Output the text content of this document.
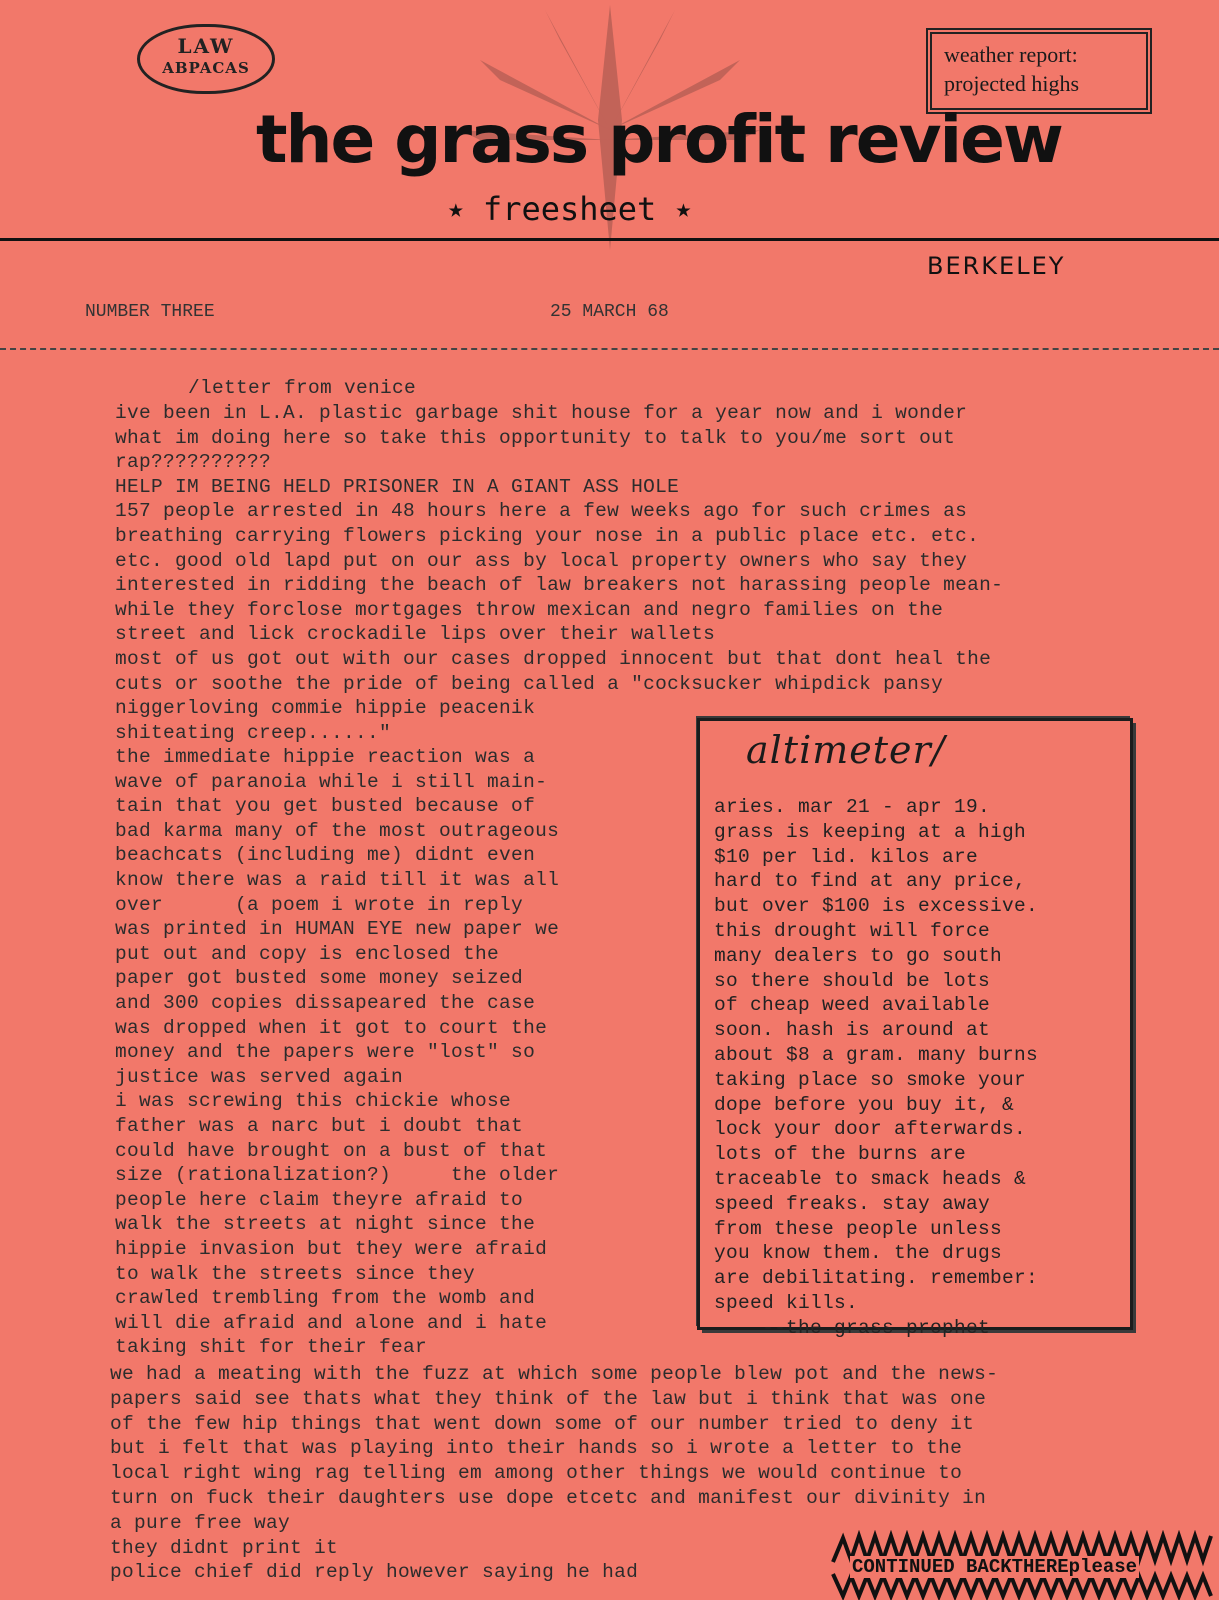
LAW
ABPACAS
weather report:
projected highs
the grass profit review
★ freesheet ★
BERKELEY
NUMBER THREE	25 MARCH 68
/letter from venice
ive been in L.A. plastic garbage shit house for a year now and i wonder
what im doing here so take this opportunity to talk to you/me sort out
rap??????????
HELP IM BEING HELD PRISONER IN A GIANT ASS HOLE
157 people arrested in 48 hours here a few weeks ago for such crimes as
breathing carrying flowers picking your nose in a public place etc. etc.
etc. good old lapd put on our ass by local property owners who say they
interested in ridding the beach of law breakers not harassing people mean-
while they forclose mortgages throw mexican and negro families on the
street and lick crockadile lips over their wallets
most of us got out with our cases dropped innocent but that dont heal the
cuts or soothe the pride of being called a "cocksucker whipdick pansy
niggerloving commie hippie peacenik
shiteating creep......"
the immediate hippie reaction was a
wave of paranoia while i still main-
tain that you get busted because of
bad karma many of the most outrageous
beachcats (including me) didnt even
know there was a raid till it was all
over      (a poem i wrote in reply
was printed in HUMAN EYE new paper we
put out and copy is enclosed the
paper got busted some money seized
and 300 copies dissapeared the case
was dropped when it got to court the
money and the papers were "lost" so
justice was served again
i was screwing this chickie whose
father was a narc but i doubt that
could have brought on a bust of that
size (rationalization?)     the older
people here claim theyre afraid to
walk the streets at night since the
hippie invasion but they were afraid
to walk the streets since they
crawled trembling from the womb and
will die afraid and alone and i hate
taking shit for their fear
we had a meating with the fuzz at which some people blew pot and the news-
papers said see thats what they think of the law but i think that was one
of the few hip things that went down some of our number tried to deny it
but i felt that was playing into their hands so i wrote a letter to the
local right wing rag telling em among other things we would continue to
turn on fuck their daughters use dope etcetc and manifest our divinity in
a pure free way
they didnt print it
police chief did reply however saying he had
altimeter/
aries. mar 21 - apr 19.
grass is keeping at a high
$10 per lid. kilos are
hard to find at any price,
but over $100 is excessive.
this drought will force
many dealers to go south
so there should be lots
of cheap weed available
soon. hash is around at
about $8 a gram. many burns
taking place so smoke your
dope before you buy it, &
lock your door afterwards.
lots of the burns are
traceable to smack heads &
speed freaks. stay away
from these people unless
you know them. the drugs
are debilitating. remember:
speed kills.
--the grass prophet
CONTINUED BACKTHEREplease
